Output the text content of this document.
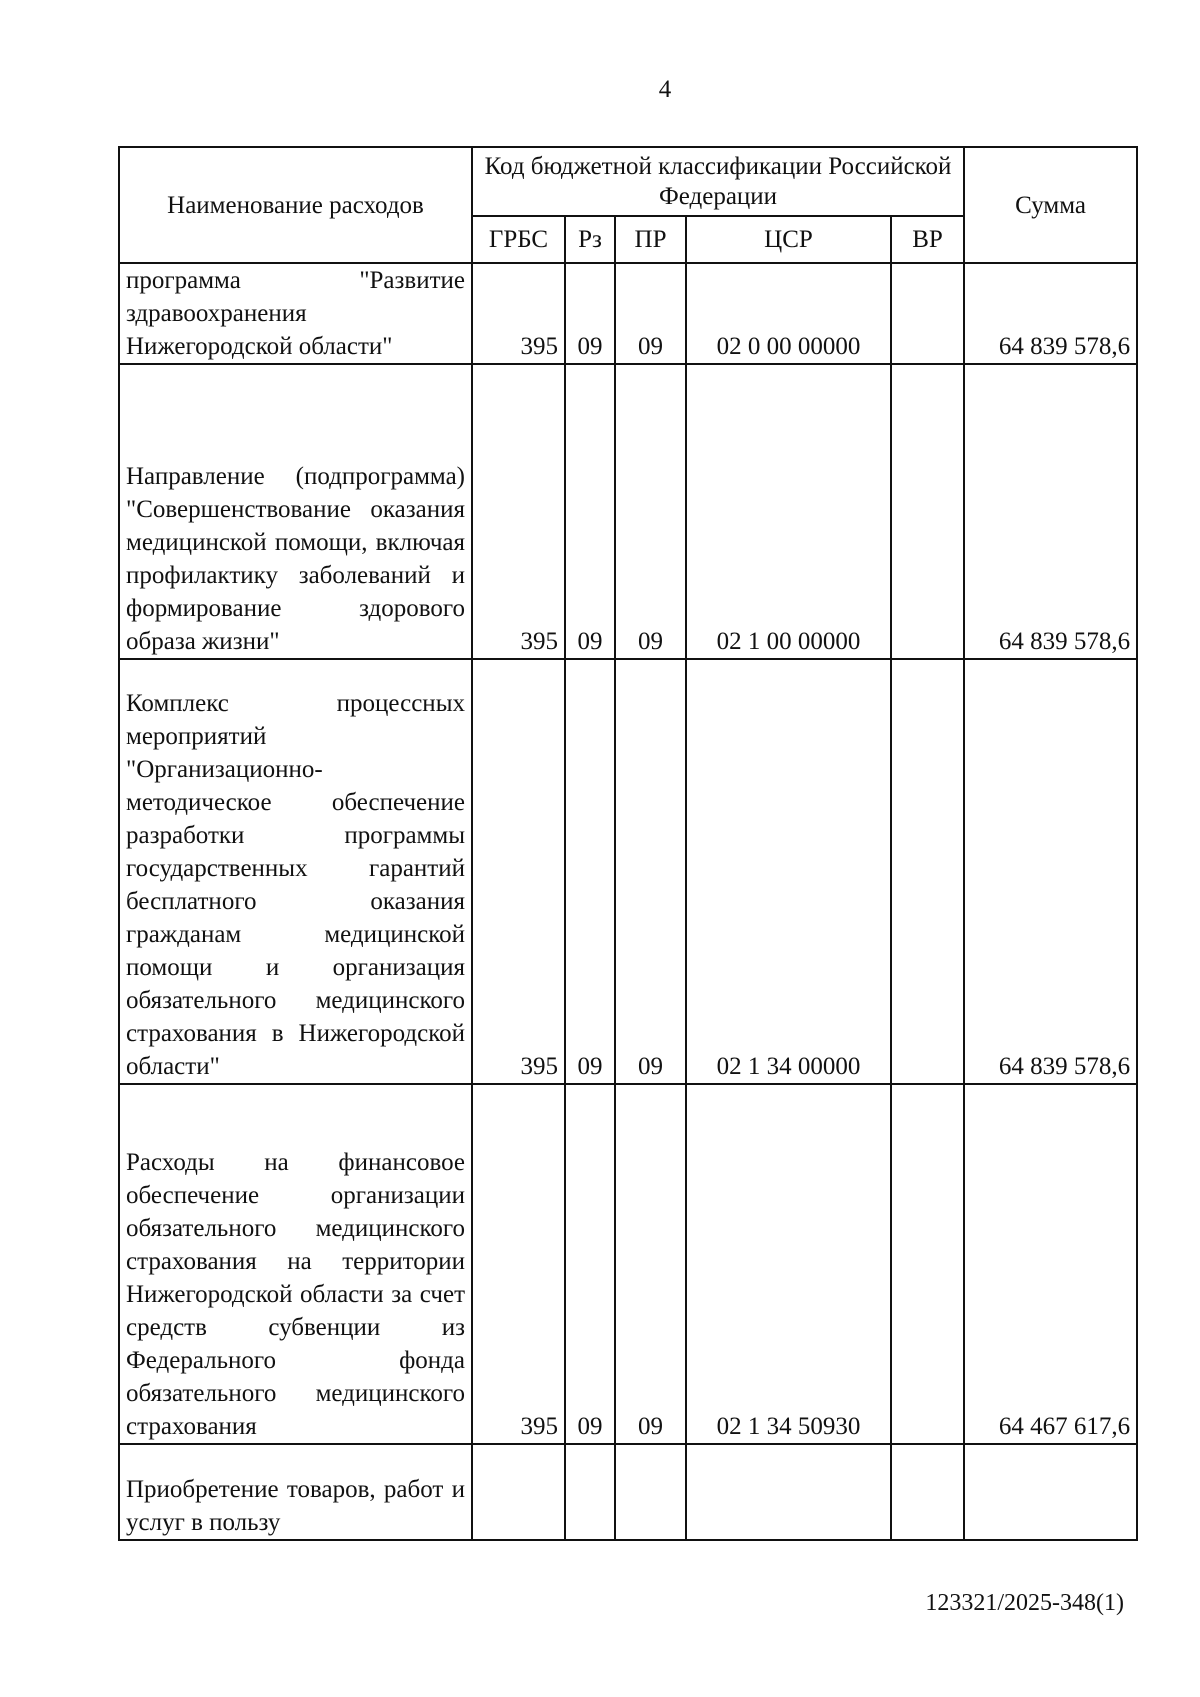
4
Наименование расходов	Код бюджетной классификации Российской Федерации					Сумма
	ГРБС	Рз	ПР	ЦСР	ВР	
программа "Развитие здравоохранения Нижегородской области"	395	09	09	02 0 00 00000		64 839 578,6
Направление (подпрограмма) "Совершенствование оказания медицинской помощи, включая профилактику заболеваний и формирование здорового образа жизни"	395	09	09	02 1 00 00000		64 839 578,6
Комплекс процессных мероприятий "Организационно-методическое обеспечение разработки программы государственных гарантий бесплатного оказания гражданам медицинской помощи и организация обязательного медицинского страхования в Нижегородской области"	395	09	09	02 1 34 00000		64 839 578,6
Расходы на финансовое обеспечение организации обязательного медицинского страхования на территории Нижегородской области за счет средств субвенции из Федерального фонда обязательного медицинского страхования	395	09	09	02 1 34 50930		64 467 617,6
Приобретение товаров, работ и услуг в пользу						
123321/2025-348(1)
